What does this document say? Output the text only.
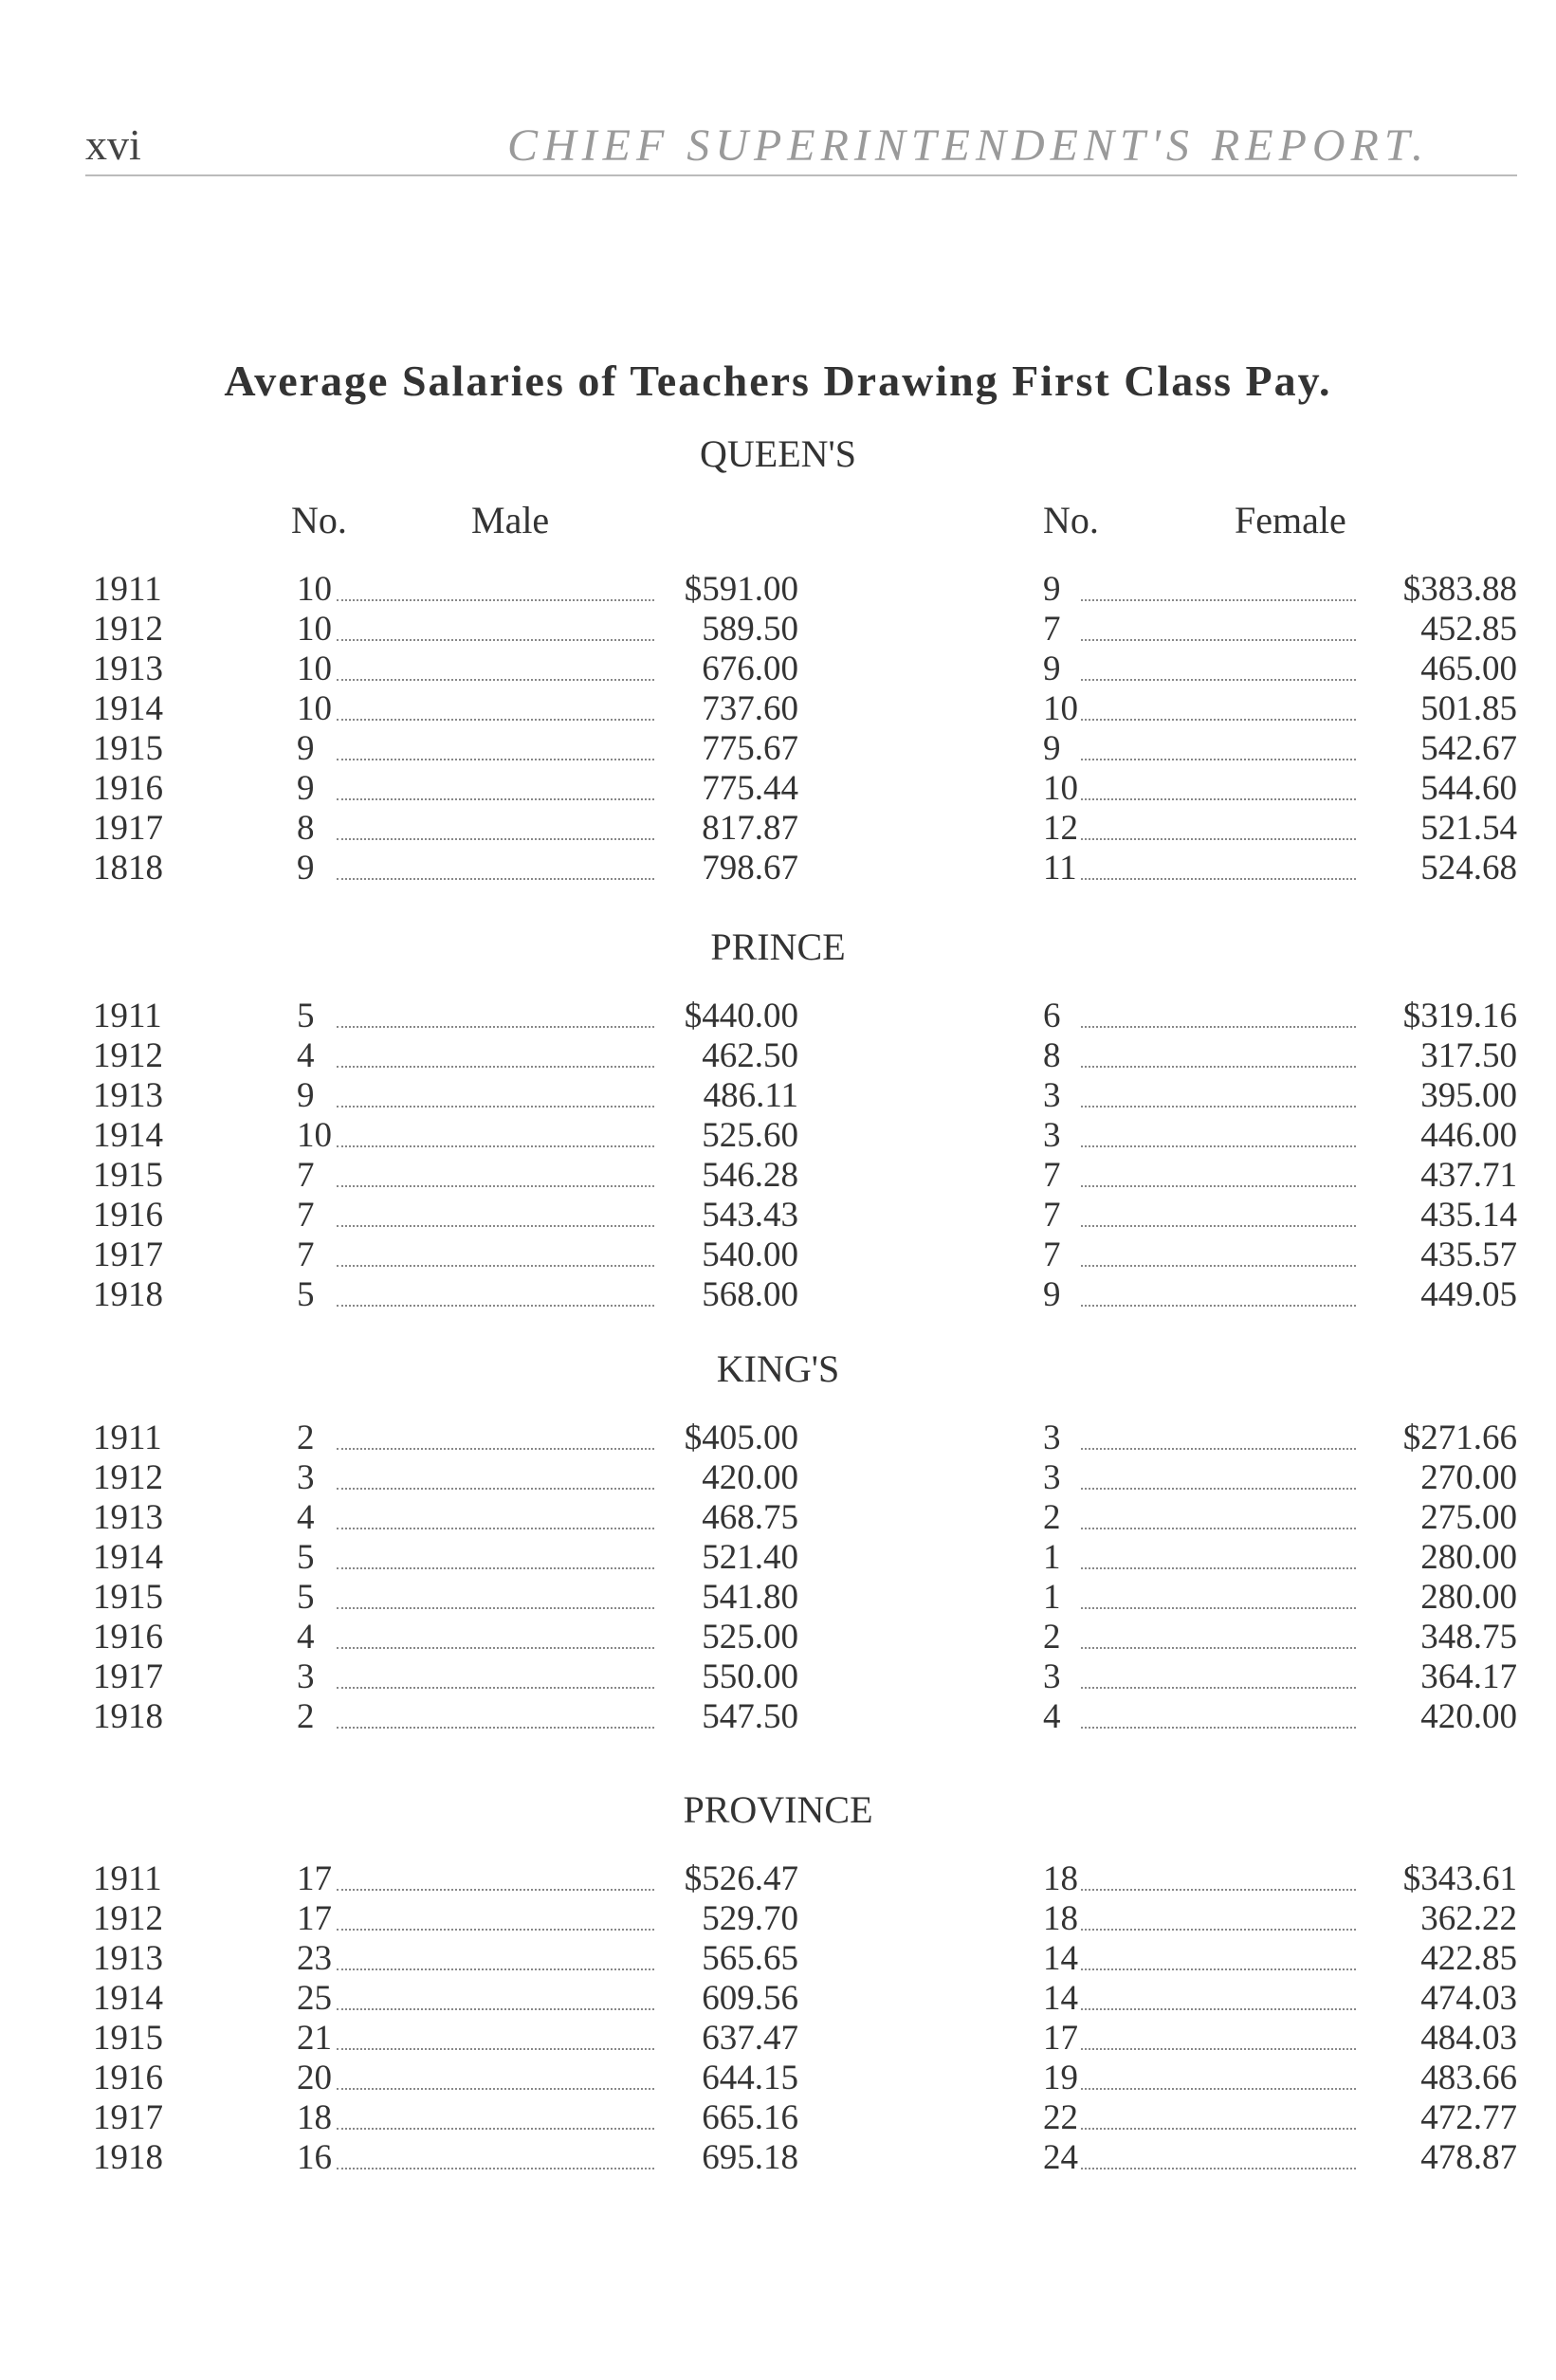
xvi	CHIEF SUPERINTENDENT'S REPORT.
Average Salaries of Teachers Drawing First Class Pay.
No.	Male	No.	Female
QUEEN'S
PRINCE
KING'S
PROVINCE
1911	10	$591.00	9	$383.88
1912	10	589.50	7	452.85
1913	10	676.00	9	465.00
1914	10	737.60	10	501.85
1915	9	775.67	9	542.67
1916	9	775.44	10	544.60
1917	8	817.87	12	521.54
1818	9	798.67	11	524.68
1911	5	$440.00	6	$319.16
1912	4	462.50	8	317.50
1913	9	486.11	3	395.00
1914	10	525.60	3	446.00
1915	7	546.28	7	437.71
1916	7	543.43	7	435.14
1917	7	540.00	7	435.57
1918	5	568.00	9	449.05
1911	2	$405.00	3	$271.66
1912	3	420.00	3	270.00
1913	4	468.75	2	275.00
1914	5	521.40	1	280.00
1915	5	541.80	1	280.00
1916	4	525.00	2	348.75
1917	3	550.00	3	364.17
1918	2	547.50	4	420.00
1911	17	$526.47	18	$343.61
1912	17	529.70	18	362.22
1913	23	565.65	14	422.85
1914	25	609.56	14	474.03
1915	21	637.47	17	484.03
1916	20	644.15	19	483.66
1917	18	665.16	22	472.77
1918	16	695.18	24	478.87
